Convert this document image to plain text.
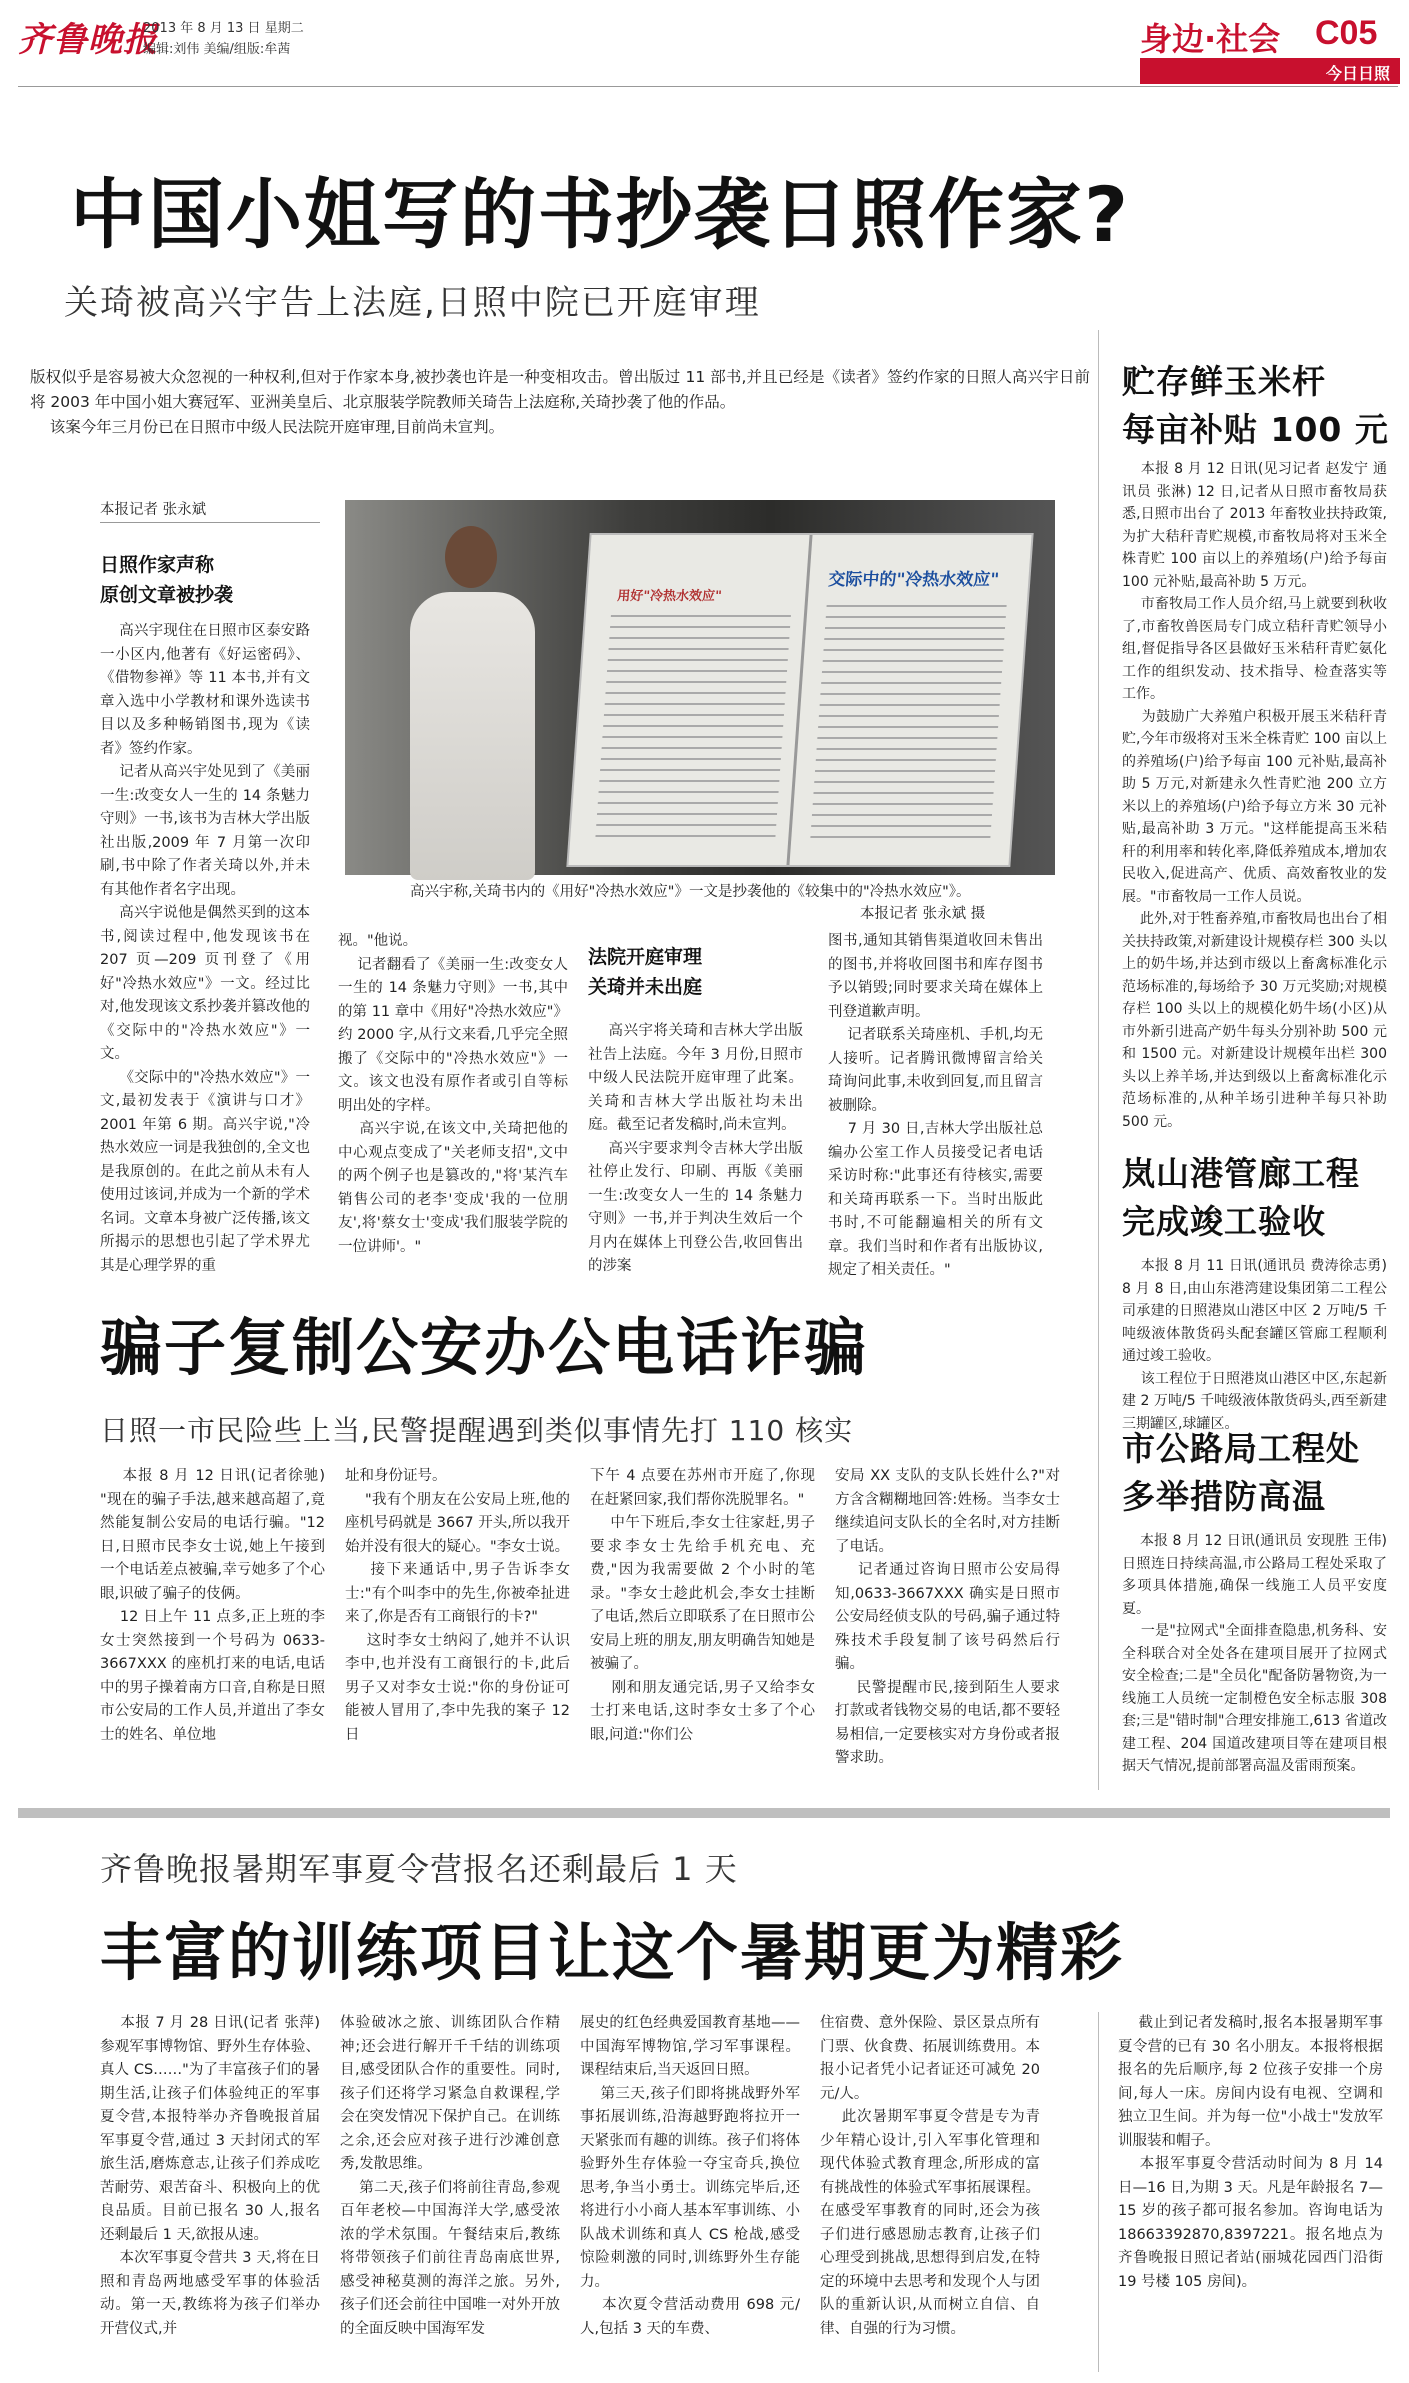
齐鲁晚报
2013 年 8 月 13 日 星期二
编辑:刘伟 美编/组版:牟茜	身边·社会 C05
今日日照
中国小姐写的书抄袭日照作家?
关琦被高兴宇告上法庭,日照中院已开庭审理
版权似乎是容易被大众忽视的一种权利,但对于作家本身,被抄袭也许是一种变相攻击。曾出版过 11 部书,并且已经是《读者》签约作家的日照人高兴宇日前将 2003 年中国小姐大赛冠军、亚洲美皇后、北京服装学院教师关琦告上法庭称,关琦抄袭了他的作品。
该案今年三月份已在日照市中级人民法院开庭审理,目前尚未宣判。
本报记者 张永斌
日照作家声称
原创文章被抄袭
高兴宇现住在日照市区泰安路一小区内,他著有《好运密码》、《借物参禅》等 11 本书,并有文章入选中小学教材和课外选读书目以及多种畅销图书,现为《读者》签约作家。
记者从高兴宇处见到了《美丽一生:改变女人一生的 14 条魅力守则》一书,该书为吉林大学出版社出版,2009 年 7 月第一次印刷,书中除了作者关琦以外,并未有其他作者名字出现。
高兴宇说他是偶然买到的这本书,阅读过程中,他发现该书在 207 页—209 页刊登了《用好"冷热水效应"》一文。经过比对,他发现该文系抄袭并篡改他的《交际中的"冷热水效应"》一文。
《交际中的"冷热水效应"》一文,最初发表于《演讲与口才》2001 年第 6 期。高兴宇说,"冷热水效应一词是我独创的,全文也是我原创的。在此之前从未有人使用过该词,并成为一个新的学术名词。文章本身被广泛传播,该文所揭示的思想也引起了学术界尤其是心理学界的重
用好"冷热水效应"
交际中的"冷热水效应"
高兴宇称,关琦书内的《用好"冷热水效应"》一文是抄袭他的《较集中的"冷热水效应"》。
本报记者 张永斌 摄
视。"他说。
记者翻看了《美丽一生:改变女人一生的 14 条魅力守则》一书,其中的第 11 章中《用好"冷热水效应"》约 2000 字,从行文来看,几乎完全照搬了《交际中的"冷热水效应"》一文。该文也没有原作者或引自等标明出处的字样。
高兴宇说,在该文中,关琦把他的中心观点变成了"关老师支招",文中的两个例子也是篡改的,"将'某汽车销售公司的老李'变成'我的一位朋友',将'蔡女士'变成'我们服装学院的一位讲师'。"
法院开庭审理
关琦并未出庭
高兴宇将关琦和吉林大学出版社告上法庭。今年 3 月份,日照市中级人民法院开庭审理了此案。关琦和吉林大学出版社均未出庭。截至记者发稿时,尚未宣判。
高兴宇要求判令吉林大学出版社停止发行、印刷、再版《美丽一生:改变女人一生的 14 条魅力守则》一书,并于判决生效后一个月内在媒体上刊登公告,收回售出的涉案
图书,通知其销售渠道收回未售出的图书,并将收回图书和库存图书予以销毁;同时要求关琦在媒体上刊登道歉声明。
记者联系关琦座机、手机,均无人接听。记者腾讯微博留言给关琦询问此事,未收到回复,而且留言被删除。
7 月 30 日,吉林大学出版社总编办公室工作人员接受记者电话采访时称:"此事还有待核实,需要和关琦再联系一下。当时出版此书时,不可能翻遍相关的所有文章。我们当时和作者有出版协议,规定了相关责任。"
骗子复制公安办公电话诈骗
日照一市民险些上当,民警提醒遇到类似事情先打 110 核实
本报 8 月 12 日讯(记者徐驰) "现在的骗子手法,越来越高超了,竟然能复制公安局的电话行骗。"12 日,日照市民李女士说,她上午接到一个电话差点被骗,幸亏她多了个心眼,识破了骗子的伎俩。
12 日上午 11 点多,正上班的李女士突然接到一个号码为 0633-3667XXX 的座机打来的电话,电话中的男子操着南方口音,自称是日照市公安局的工作人员,并道出了李女士的姓名、单位地
址和身份证号。
"我有个朋友在公安局上班,他的座机号码就是 3667 开头,所以我开始并没有很大的疑心。"李女士说。
接下来通话中,男子告诉李女士:"有个叫李中的先生,你被牵扯进来了,你是否有工商银行的卡?"
这时李女士纳闷了,她并不认识李中,也并没有工商银行的卡,此后男子又对李女士说:"你的身份证可能被人冒用了,李中先我的案子 12 日
下午 4 点要在苏州市开庭了,你现在赶紧回家,我们帮你洗脱罪名。"
中午下班后,李女士往家赶,男子要求李女士先给手机充电、充费,"因为我需要做 2 个小时的笔录。"李女士趁此机会,李女士挂断了电话,然后立即联系了在日照市公安局上班的朋友,朋友明确告知她是被骗了。
刚和朋友通完话,男子又给李女士打来电话,这时李女士多了个心眼,问道:"你们公
安局 XX 支队的支队长姓什么?"对方含含糊糊地回答:姓杨。当李女士继续追问支队长的全名时,对方挂断了电话。
记者通过咨询日照市公安局得知,0633-3667XXX 确实是日照市公安局经侦支队的号码,骗子通过特殊技术手段复制了该号码然后行骗。
民警提醒市民,接到陌生人要求打款或者钱物交易的电话,都不要轻易相信,一定要核实对方身份或者报警求助。
贮存鲜玉米杆
每亩补贴 100 元
本报 8 月 12 日讯(见习记者 赵发宁 通讯员 张淋) 12 日,记者从日照市畜牧局获悉,日照市出台了 2013 年畜牧业扶持政策,为扩大秸秆青贮规模,市畜牧局将对玉米全株青贮 100 亩以上的养殖场(户)给予每亩 100 元补贴,最高补助 5 万元。
市畜牧局工作人员介绍,马上就要到秋收了,市畜牧兽医局专门成立秸秆青贮领导小组,督促指导各区县做好玉米秸秆青贮氨化工作的组织发动、技术指导、检查落实等工作。
为鼓励广大养殖户积极开展玉米秸秆青贮,今年市级将对玉米全株青贮 100 亩以上的养殖场(户)给予每亩 100 元补贴,最高补助 5 万元,对新建永久性青贮池 200 立方米以上的养殖场(户)给予每立方米 30 元补贴,最高补助 3 万元。"这样能提高玉米秸秆的利用率和转化率,降低养殖成本,增加农民收入,促进高产、优质、高效畜牧业的发展。"市畜牧局一工作人员说。
此外,对于牲畜养殖,市畜牧局也出台了相关扶持政策,对新建设计规模存栏 300 头以上的奶牛场,并达到市级以上畜禽标准化示范场标准的,每场给予 30 万元奖励;对规模存栏 100 头以上的规模化奶牛场(小区)从市外新引进高产奶牛每头分别补助 500 元和 1500 元。对新建设计规模年出栏 300 头以上养羊场,并达到级以上畜禽标准化示范场标准的,从种羊场引进种羊每只补助 500 元。
岚山港管廊工程
完成竣工验收
本报 8 月 11 日讯(通讯员 费涛徐志勇) 8 月 8 日,由山东港湾建设集团第二工程公司承建的日照港岚山港区中区 2 万吨/5 千吨级液体散货码头配套罐区管廊工程顺利通过竣工验收。
该工程位于日照港岚山港区中区,东起新建 2 万吨/5 千吨级液体散货码头,西至新建三期罐区,球罐区。
市公路局工程处
多举措防高温
本报 8 月 12 日讯(通讯员 安现胜 王伟) 日照连日持续高温,市公路局工程处采取了多项具体措施,确保一线施工人员平安度夏。
一是"拉网式"全面排查隐患,机务科、安全科联合对全处各在建项目展开了拉网式安全检查;二是"全员化"配备防暑物资,为一线施工人员统一定制橙色安全标志服 308 套;三是"错时制"合理安排施工,613 省道改建工程、204 国道改建项目等在建项目根据天气情况,提前部署高温及雷雨预案。
齐鲁晚报暑期军事夏令营报名还剩最后 1 天
丰富的训练项目让这个暑期更为精彩
本报 7 月 28 日讯(记者 张萍)参观军事博物馆、野外生存体验、真人 CS……"为了丰富孩子们的暑期生活,让孩子们体验纯正的军事夏令营,本报特举办齐鲁晚报首届军事夏令营,通过 3 天封闭式的军旅生活,磨炼意志,让孩子们养成吃苦耐劳、艰苦奋斗、积极向上的优良品质。目前已报名 30 人,报名还剩最后 1 天,欲报从速。
本次军事夏令营共 3 天,将在日照和青岛两地感受军事的体验活动。第一天,教练将为孩子们举办开营仪式,并
体验破冰之旅、训练团队合作精神;还会进行解开千千结的训练项目,感受团队合作的重要性。同时,孩子们还将学习紧急自救课程,学会在突发情况下保护自己。在训练之余,还会应对孩子进行沙滩创意秀,发散思维。
第二天,孩子们将前往青岛,参观百年老校—中国海洋大学,感受浓浓的学术氛围。午餐结束后,教练将带领孩子们前往青岛南底世界,感受神秘莫测的海洋之旅。另外,孩子们还会前往中国唯一对外开放的全面反映中国海军发
展史的红色经典爱国教育基地——中国海军博物馆,学习军事课程。课程结束后,当天返回日照。
第三天,孩子们即将挑战野外军事拓展训练,沿海越野跑将拉开一天紧张而有趣的训练。孩子们将体验野外生存体验一夺宝奇兵,换位思考,争当小勇士。训练完毕后,还将进行小小商人基本军事训练、小队战术训练和真人 CS 枪战,感受惊险刺激的同时,训练野外生存能力。
本次夏令营活动费用 698 元/人,包括 3 天的车费、
住宿费、意外保险、景区景点所有门票、伙食费、拓展训练费用。本报小记者凭小记者证还可减免 20 元/人。
此次暑期军事夏令营是专为青少年精心设计,引入军事化管理和现代体验式教育理念,所形成的富有挑战性的体验式军事拓展课程。在感受军事教育的同时,还会为孩子们进行感恩励志教育,让孩子们心理受到挑战,思想得到启发,在特定的环境中去思考和发现个人与团队的重新认识,从而树立自信、自律、自强的行为习惯。
截止到记者发稿时,报名本报暑期军事夏令营的已有 30 名小朋友。本报将根据报名的先后顺序,每 2 位孩子安排一个房间,每人一床。房间内设有电视、空调和独立卫生间。并为每一位"小战士"发放军训服装和帽子。
本报军事夏令营活动时间为 8 月 14 日—16 日,为期 3 天。凡是年龄报名 7—15 岁的孩子都可报名参加。咨询电话为 18663392870,8397221。报名地点为齐鲁晚报日照记者站(丽城花园西门沿街 19 号楼 105 房间)。
